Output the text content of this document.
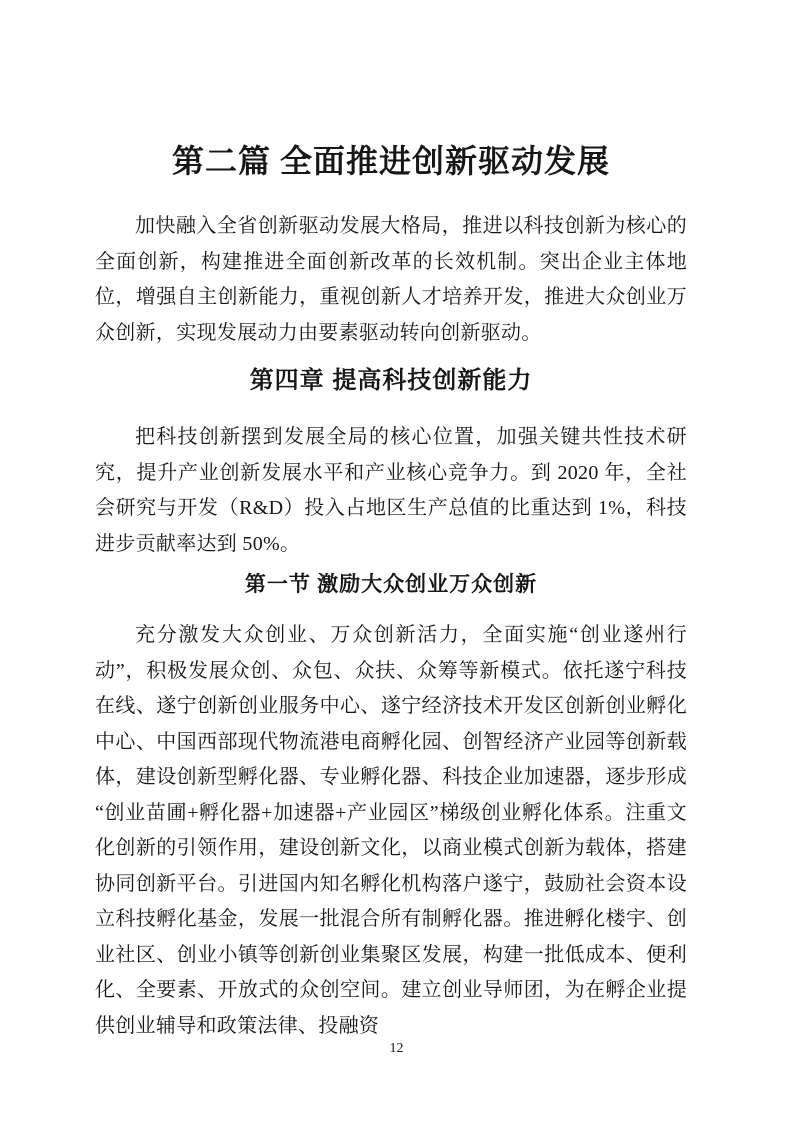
第二篇 全面推进创新驱动发展

加快融入全省创新驱动发展大格局，推进以科技创新为核心的全面创新，构建推进全面创新改革的长效机制。突出企业主体地位，增强自主创新能力，重视创新人才培养开发，推进大众创业万众创新，实现发展动力由要素驱动转向创新驱动。

第四章 提高科技创新能力

把科技创新摆到发展全局的核心位置，加强关键共性技术研究，提升产业创新发展水平和产业核心竞争力。到 2020 年，全社会研究与开发（R&D）投入占地区生产总值的比重达到 1%，科技进步贡献率达到 50%。

第一节 激励大众创业万众创新

充分激发大众创业、万众创新活力，全面实施“创业遂州行动”，积极发展众创、众包、众扶、众筹等新模式。依托遂宁科技在线、遂宁创新创业服务中心、遂宁经济技术开发区创新创业孵化中心、中国西部现代物流港电商孵化园、创智经济产业园等创新载体，建设创新型孵化器、专业孵化器、科技企业加速器，逐步形成“创业苗圃+孵化器+加速器+产业园区”梯级创业孵化体系。注重文化创新的引领作用，建设创新文化，以商业模式创新为载体，搭建协同创新平台。引进国内知名孵化机构落户遂宁，鼓励社会资本设立科技孵化基金，发展一批混合所有制孵化器。推进孵化楼宇、创业社区、创业小镇等创新创业集聚区发展，构建一批低成本、便利化、全要素、开放式的众创空间。建立创业导师团，为在孵企业提供创业辅导和政策法律、投融资

12
